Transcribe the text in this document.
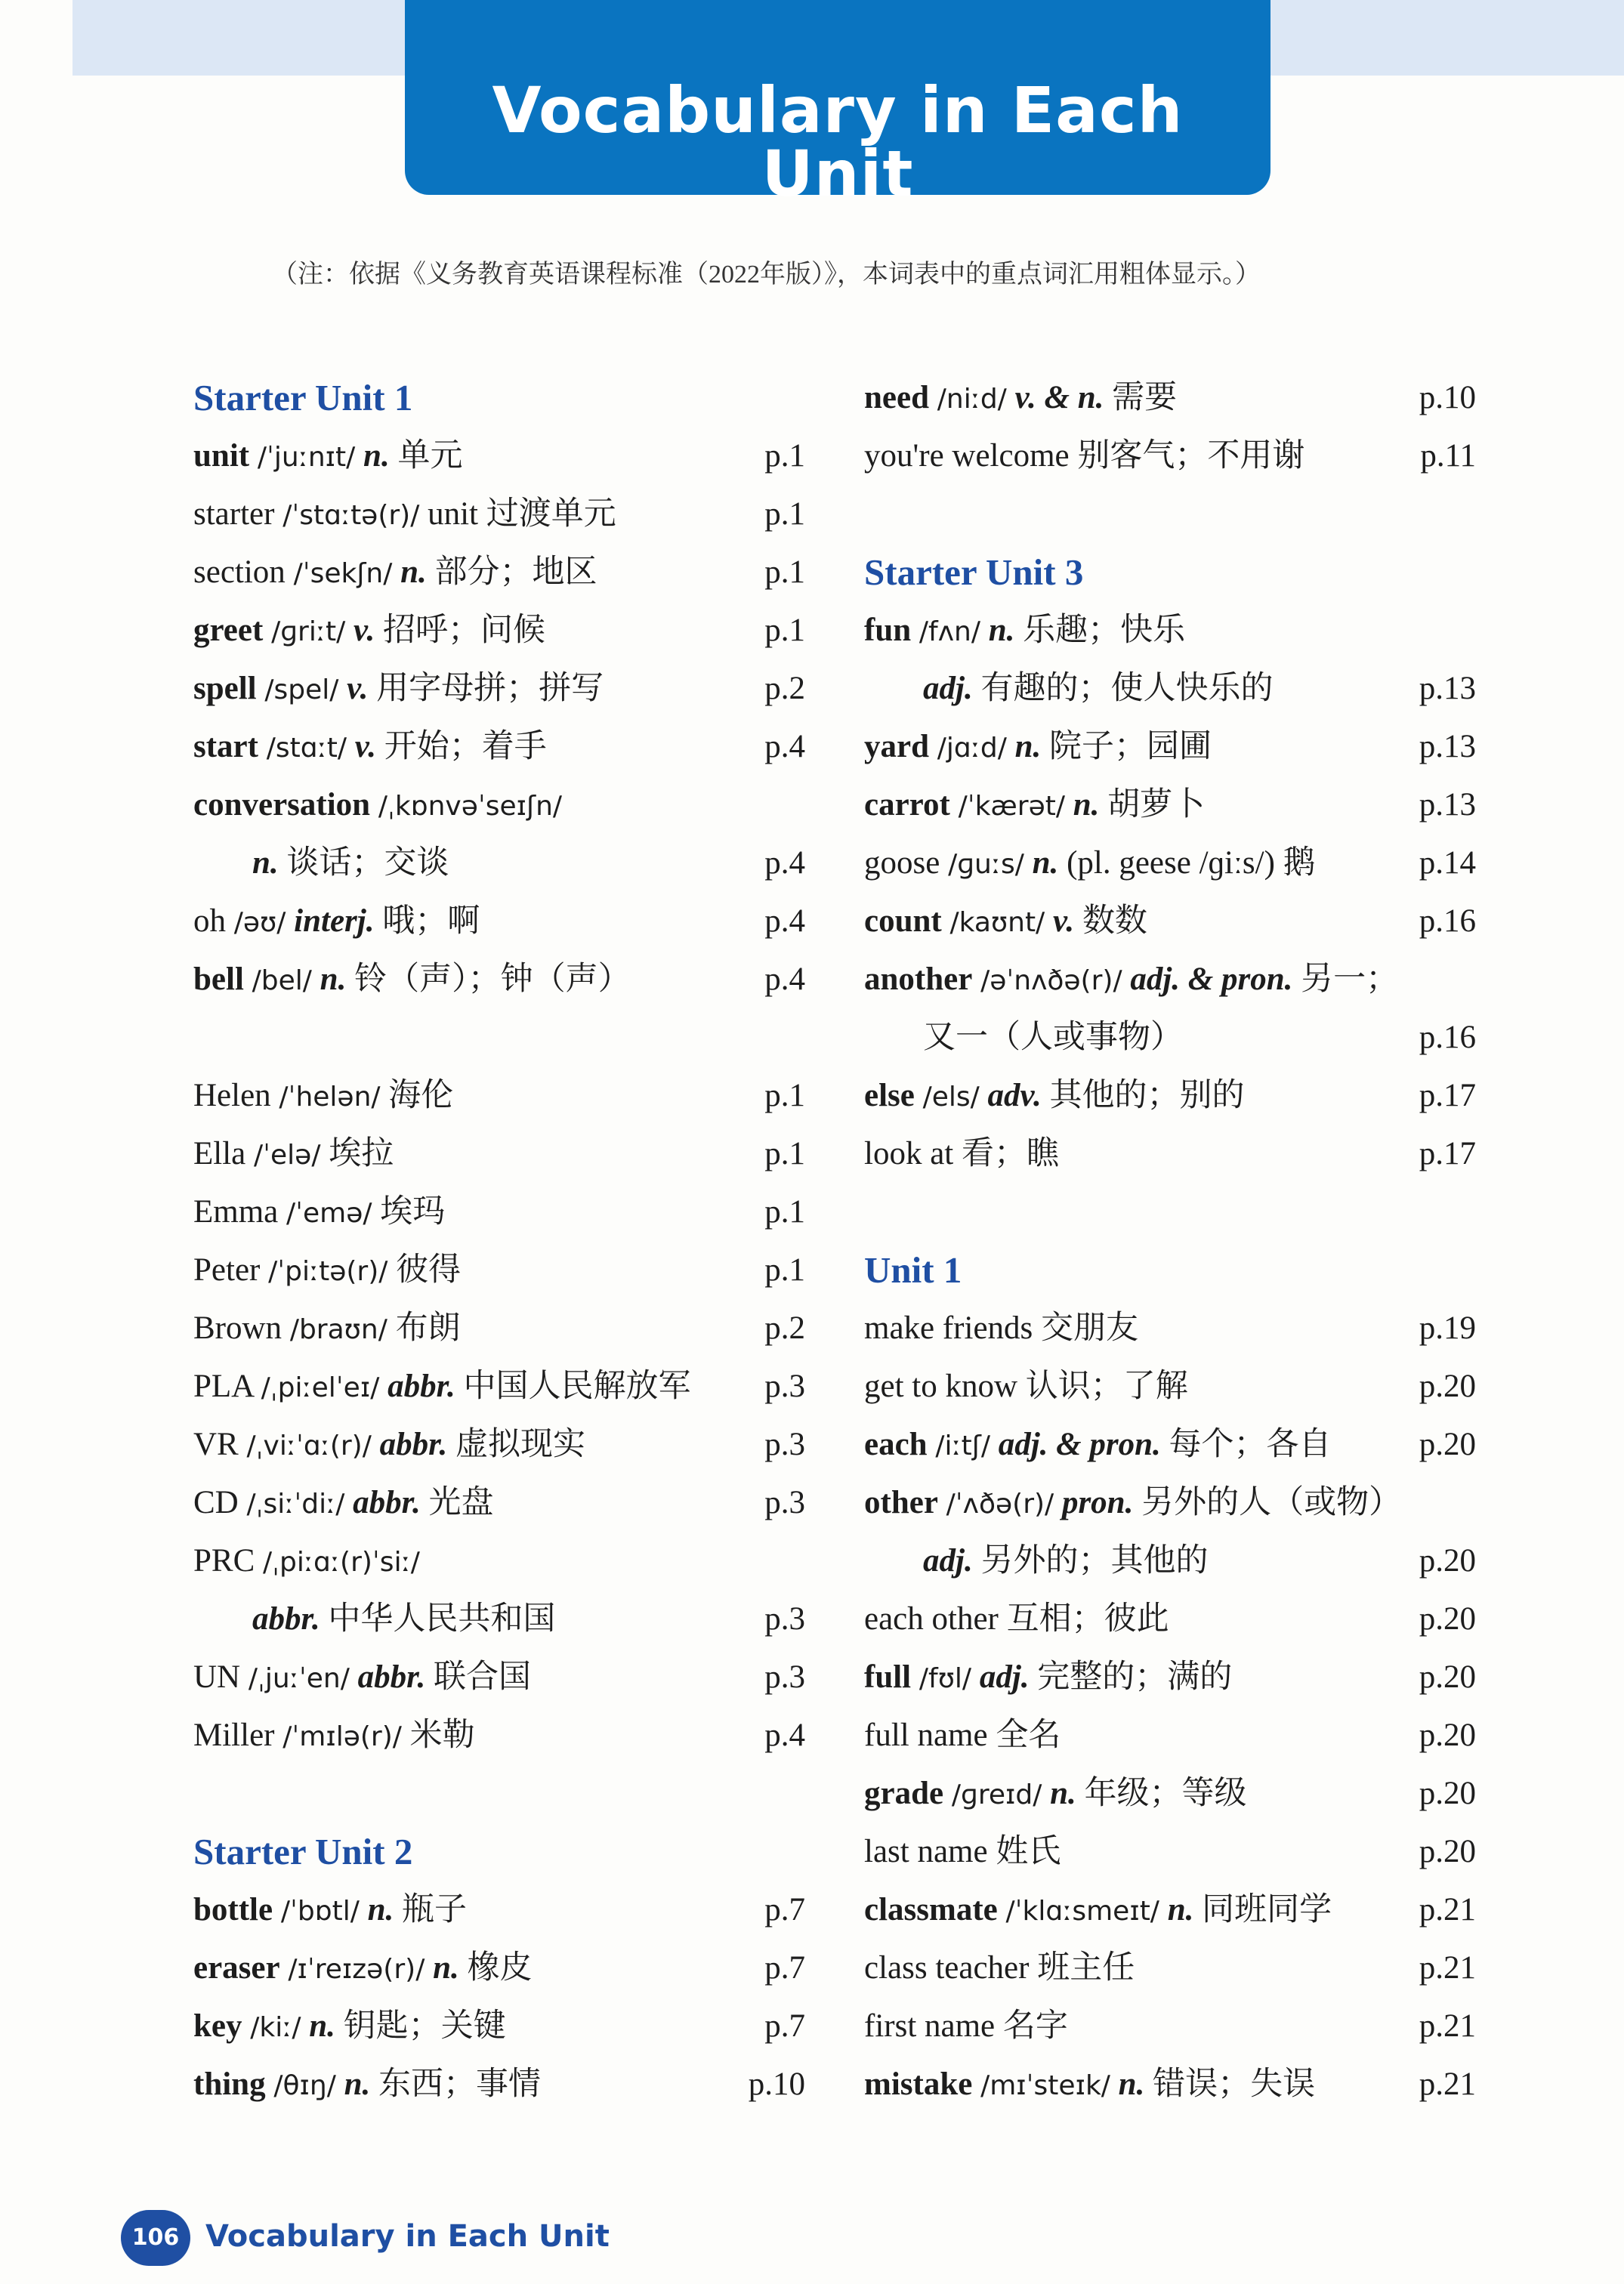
Vocabulary in Each Unit
（注：依据《义务教育英语课程标准（2022年版）》，本词表中的重点词汇用粗体显示。）
Starter Unit 1
unit /ˈjuːnɪt/ n. 单元	p.1
starter /ˈstɑːtə(r)/ unit 过渡单元	p.1
section /ˈsekʃn/ n. 部分；地区	p.1
greet /ɡriːt/ v. 招呼；问候	p.1
spell /spel/ v. 用字母拼；拼写	p.2
start /stɑːt/ v. 开始；着手	p.4
conversation /ˌkɒnvəˈseɪʃn/
n. 谈话；交谈	p.4
oh /əʊ/ interj. 哦；啊	p.4
bell /bel/ n. 铃（声）；钟（声）	p.4
Helen /ˈhelən/ 海伦	p.1
Ella /ˈelə/ 埃拉	p.1
Emma /ˈemə/ 埃玛	p.1
Peter /ˈpiːtə(r)/ 彼得	p.1
Brown /braʊn/ 布朗	p.2
PLA /ˌpiːelˈeɪ/ abbr. 中国人民解放军 p.3
VR /ˌviːˈɑː(r)/ abbr. 虚拟现实	p.3
CD /ˌsiːˈdiː/ abbr. 光盘	p.3
PRC /ˌpiːɑː(r)ˈsiː/
abbr. 中华人民共和国	p.3
UN /ˌjuːˈen/ abbr. 联合国	p.3
Miller /ˈmɪlə(r)/ 米勒	p.4
Starter Unit 2
bottle /ˈbɒtl/ n. 瓶子	p.7
eraser /ɪˈreɪzə(r)/ n. 橡皮	p.7
key /kiː/ n. 钥匙；关键	p.7
thing /θɪŋ/ n. 东西；事情	p.10
need /niːd/ v. & n. 需要	p.10
you're welcome 别客气；不用谢	p.11
Starter Unit 3
fun /fʌn/ n. 乐趣；快乐
adj. 有趣的；使人快乐的	p.13
yard /jɑːd/ n. 院子；园圃	p.13
carrot /ˈkærət/ n. 胡萝卜	p.13
goose /ɡuːs/ n. (pl. geese /ɡiːs/) 鹅	p.14
count /kaʊnt/ v. 数数	p.16
another /əˈnʌðə(r)/ adj. & pron. 另一；
又一（人或事物）	p.16
else /els/ adv. 其他的；别的	p.17
look at 看；瞧	p.17
Unit 1
make friends 交朋友	p.19
get to know 认识；了解	p.20
each /iːtʃ/ adj. & pron. 每个；各自	p.20
other /ˈʌðə(r)/ pron. 另外的人（或物）
adj. 另外的；其他的	p.20
each other 互相；彼此	p.20
full /fʊl/ adj. 完整的；满的	p.20
full name 全名	p.20
grade /ɡreɪd/ n. 年级；等级	p.20
last name 姓氏	p.20
classmate /ˈklɑːsmeɪt/ n. 同班同学	p.21
class teacher 班主任	p.21
first name 名字	p.21
mistake /mɪˈsteɪk/ n. 错误；失误	p.21
106 Vocabulary in Each Unit
